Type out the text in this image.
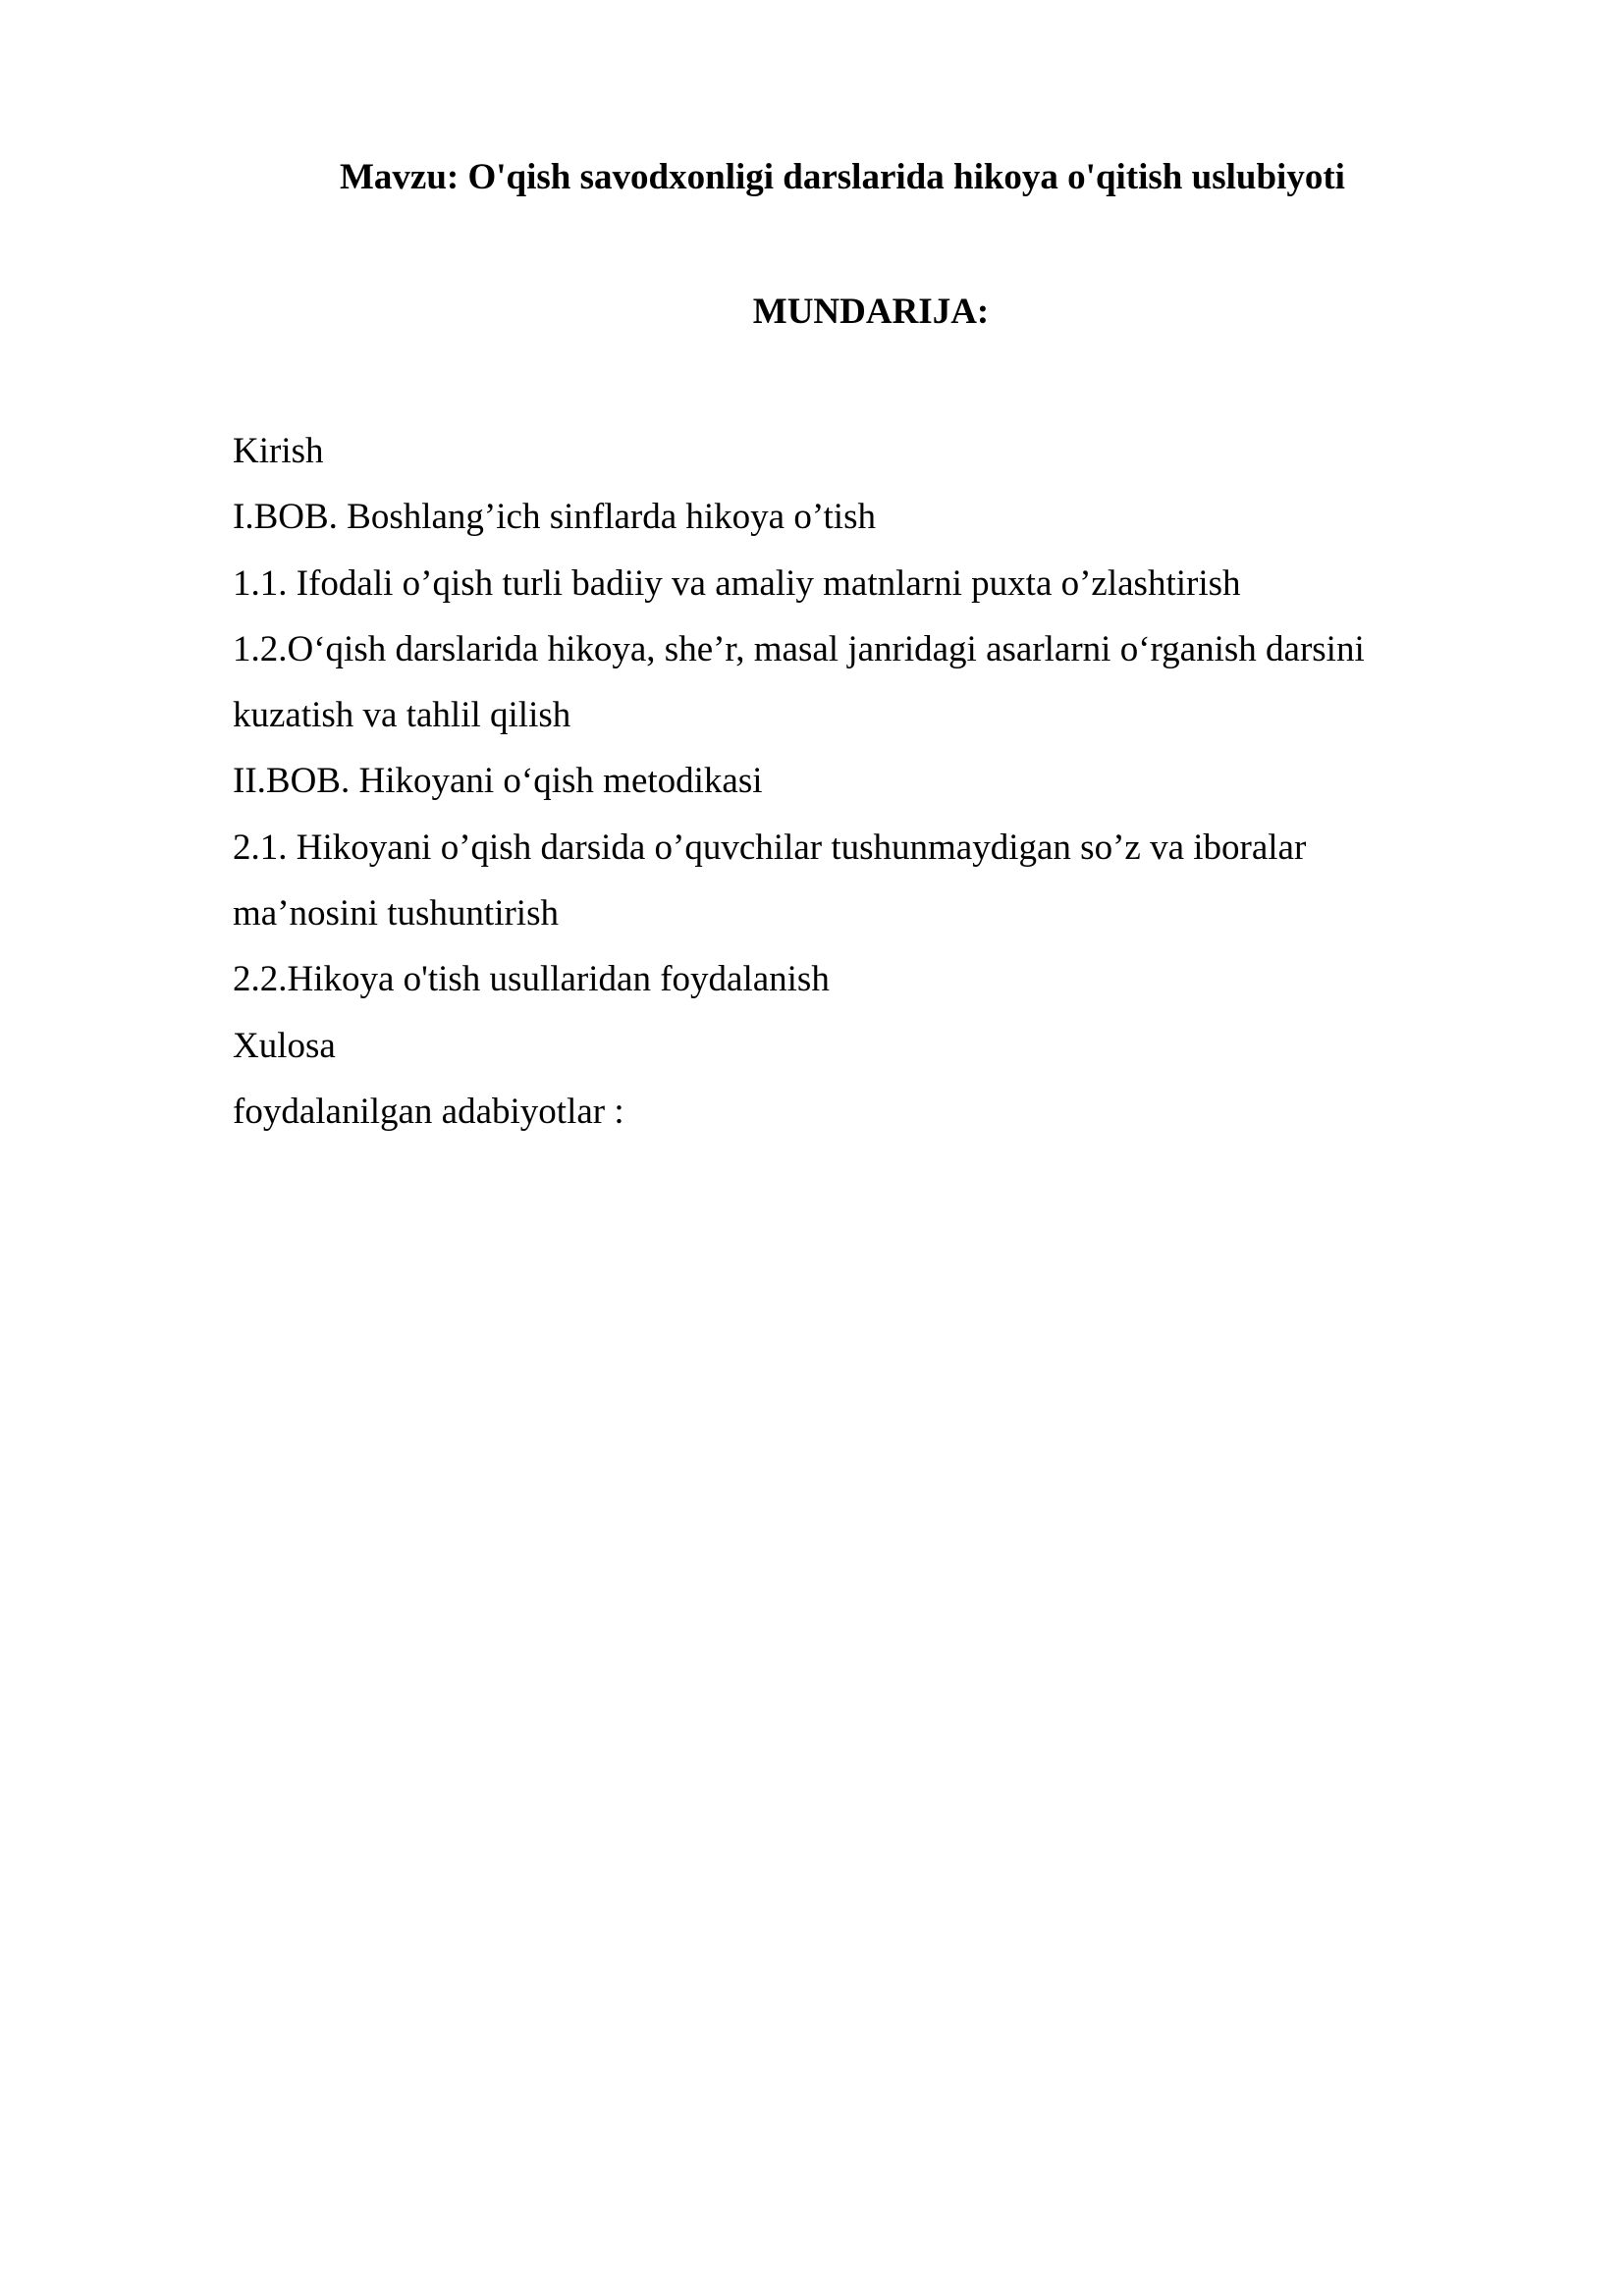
Mavzu: O'qish savodxonligi darslarida hikoya o'qitish uslubiyoti
MUNDARIJA:
Kirish
I.BOB. Boshlang’ich sinflarda hikoya o’tish
1.1. Ifodali o’qish turli badiiy va amaliy matnlarni puxta o’zlashtirish
1.2.O‘qish darslarida hikoya, she’r, masal janridagi asarlarni o‘rganish darsini
kuzatish va tahlil qilish
II.BOB. Hikoyani o‘qish metodikasi
2.1. Hikoyani o’qish darsida o’quvchilar tushunmaydigan so’z va iboralar
ma’nosini tushuntirish
2.2.Hikoya o'tish usullaridan foydalanish
Xulosa
foydalanilgan adabiyotlar :
